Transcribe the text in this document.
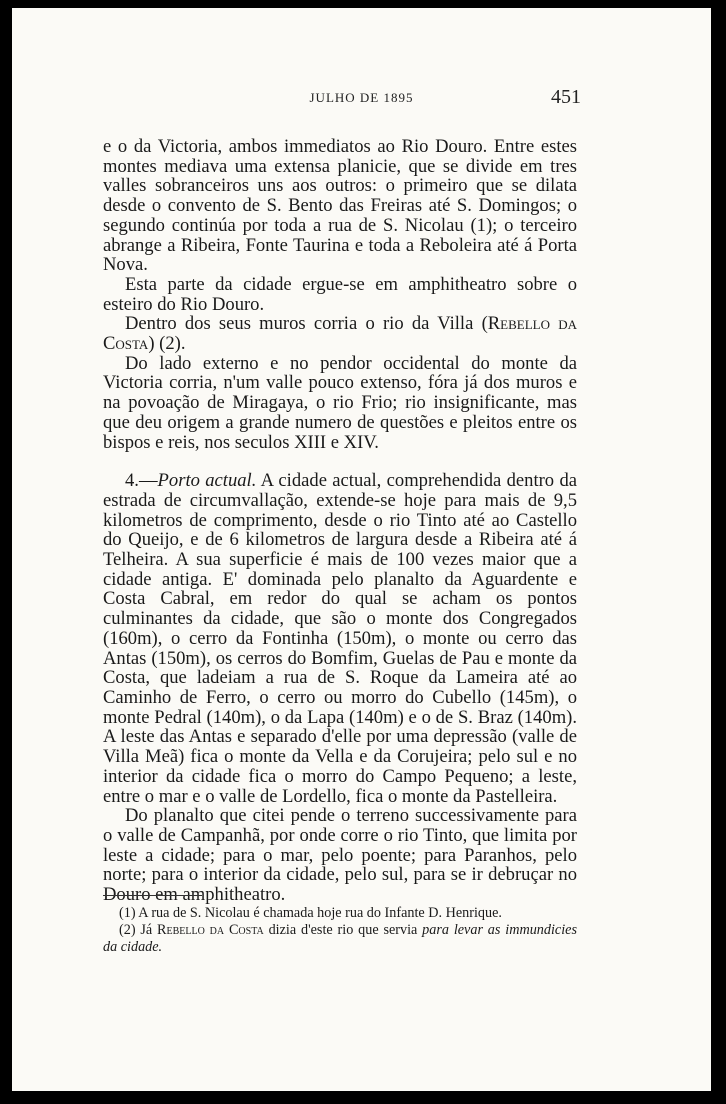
JULHO DE 1895	451

e o da Victoria, ambos immediatos ao Rio Douro. Entre estes montes mediava uma extensa planicie, que se divide em tres valles sobranceiros uns aos outros: o primeiro que se dilata desde o convento de S. Bento das Freiras até S. Domingos; o segundo continúa por toda a rua de S. Nicolau (1); o terceiro abrange a Ribeira, Fonte Taurina e toda a Reboleira até á Porta Nova.

Esta parte da cidade ergue-se em amphitheatro sobre o esteiro do Rio Douro.

Dentro dos seus muros corria o rio da Villa (Rebello da Costa) (2).

Do lado externo e no pendor occidental do monte da Victoria corria, n'um valle pouco extenso, fóra já dos muros e na povoação de Miragaya, o rio Frio; rio insignificante, mas que deu origem a grande numero de questões e pleitos entre os bispos e reis, nos seculos XIII e XIV.

4.—Porto actual. A cidade actual, comprehendida dentro da estrada de circumvallação, extende-se hoje para mais de 9,5 kilometros de comprimento, desde o rio Tinto até ao Castello do Queijo, e de 6 kilometros de largura desde a Ribeira até á Telheira. A sua superficie é mais de 100 vezes maior que a cidade antiga. E' dominada pelo planalto da Aguardente e Costa Cabral, em redor do qual se acham os pontos culminantes da cidade, que são o monte dos Congregados (160m), o cerro da Fontinha (150m), o monte ou cerro das Antas (150m), os cerros do Bomfim, Guelas de Pau e monte da Costa, que ladeiam a rua de S. Roque da Lameira até ao Caminho de Ferro, o cerro ou morro do Cubello (145m), o monte Pedral (140m), o da Lapa (140m) e o de S. Braz (140m). A leste das Antas e separado d'elle por uma depressão (valle de Villa Meã) fica o monte da Vella e da Corujeira; pelo sul e no interior da cidade fica o morro do Campo Pequeno; a leste, entre o mar e o valle de Lordello, fica o monte da Pastelleira.

Do planalto que citei pende o terreno successivamente para o valle de Campanhã, por onde corre o rio Tinto, que limita por leste a cidade; para o mar, pelo poente; para Paranhos, pelo norte; para o interior da cidade, pelo sul, para se ir debruçar no Douro em amphitheatro.

(1) A rua de S. Nicolau é chamada hoje rua do Infante D. Henrique.

(2) Já Rebello da Costa dizia d'este rio que servia para levar as immundicies da cidade.
